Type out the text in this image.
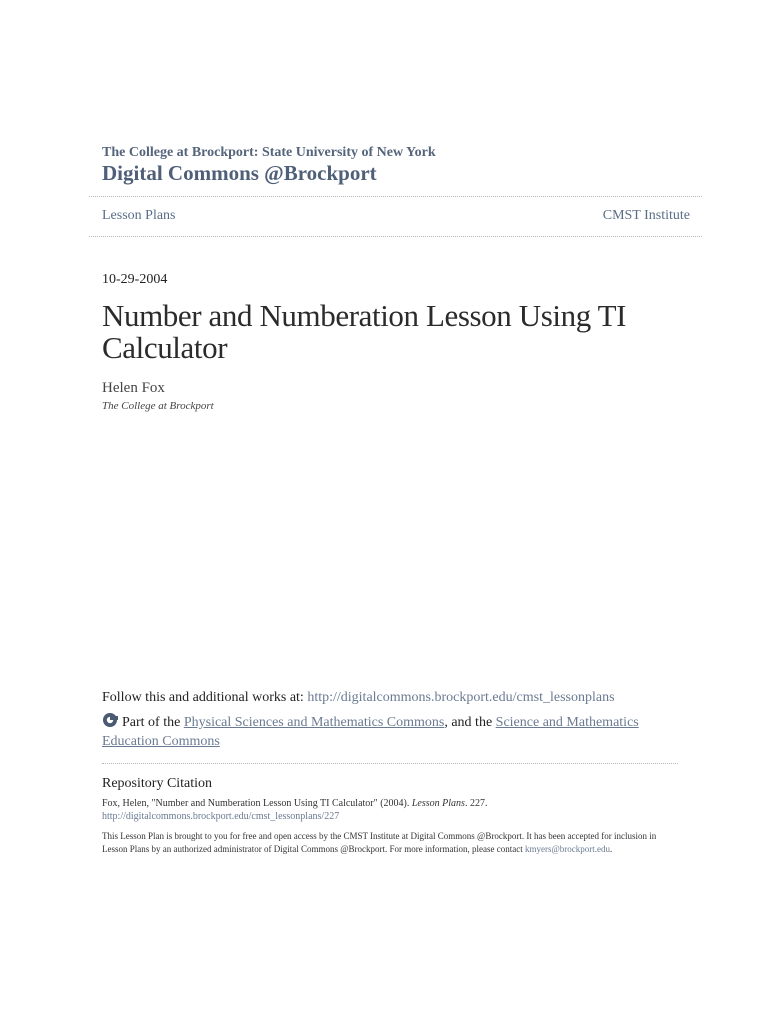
The College at Brockport: State University of New York
Digital Commons @Brockport
Lesson Plans	CMST Institute
10-29-2004
Number and Numberation Lesson Using TI Calculator
Helen Fox
The College at Brockport
Follow this and additional works at: http://digitalcommons.brockport.edu/cmst_lessonplans
Part of the Physical Sciences and Mathematics Commons, and the Science and Mathematics Education Commons
Repository Citation
Fox, Helen, "Number and Numberation Lesson Using TI Calculator" (2004). Lesson Plans. 227.
http://digitalcommons.brockport.edu/cmst_lessonplans/227
This Lesson Plan is brought to you for free and open access by the CMST Institute at Digital Commons @Brockport. It has been accepted for inclusion in Lesson Plans by an authorized administrator of Digital Commons @Brockport. For more information, please contact kmyers@brockport.edu.
